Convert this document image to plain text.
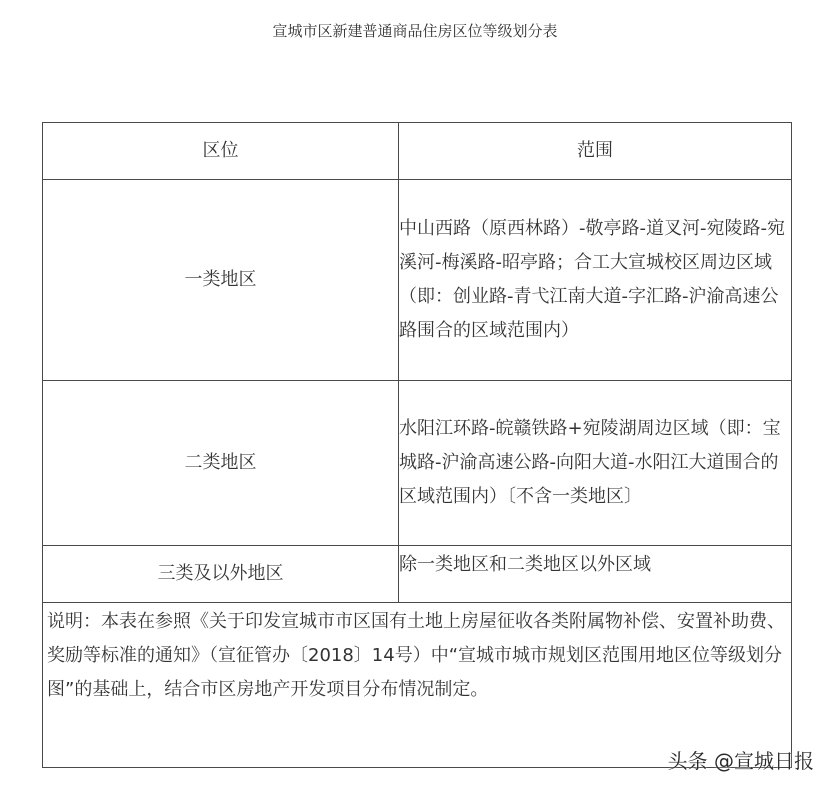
宣城市区新建普通商品住房区位等级划分表
区位	范围
一类地区	中山西路（原西林路）-敬亭路-道叉河-宛陵路-宛溪河-梅溪路-昭亭路；合工大宣城校区周边区域（即：创业路-青弋江南大道-字汇路-沪渝高速公路围合的区域范围内）
二类地区	水阳江环路-皖赣铁路+宛陵湖周边区域（即：宝城路-沪渝高速公路-向阳大道-水阳江大道围合的区域范围内）〔不含一类地区〕
三类及以外地区	除一类地区和二类地区以外区域
说明：本表在参照《关于印发宣城市市区国有土地上房屋征收各类附属物补偿、安置补助费、奖励等标准的通知》（宣征管办〔2018〕14号）中“宣城市城市规划区范围用地区位等级划分图”的基础上，结合市区房地产开发项目分布情况制定。	
头条 @宣城日报
